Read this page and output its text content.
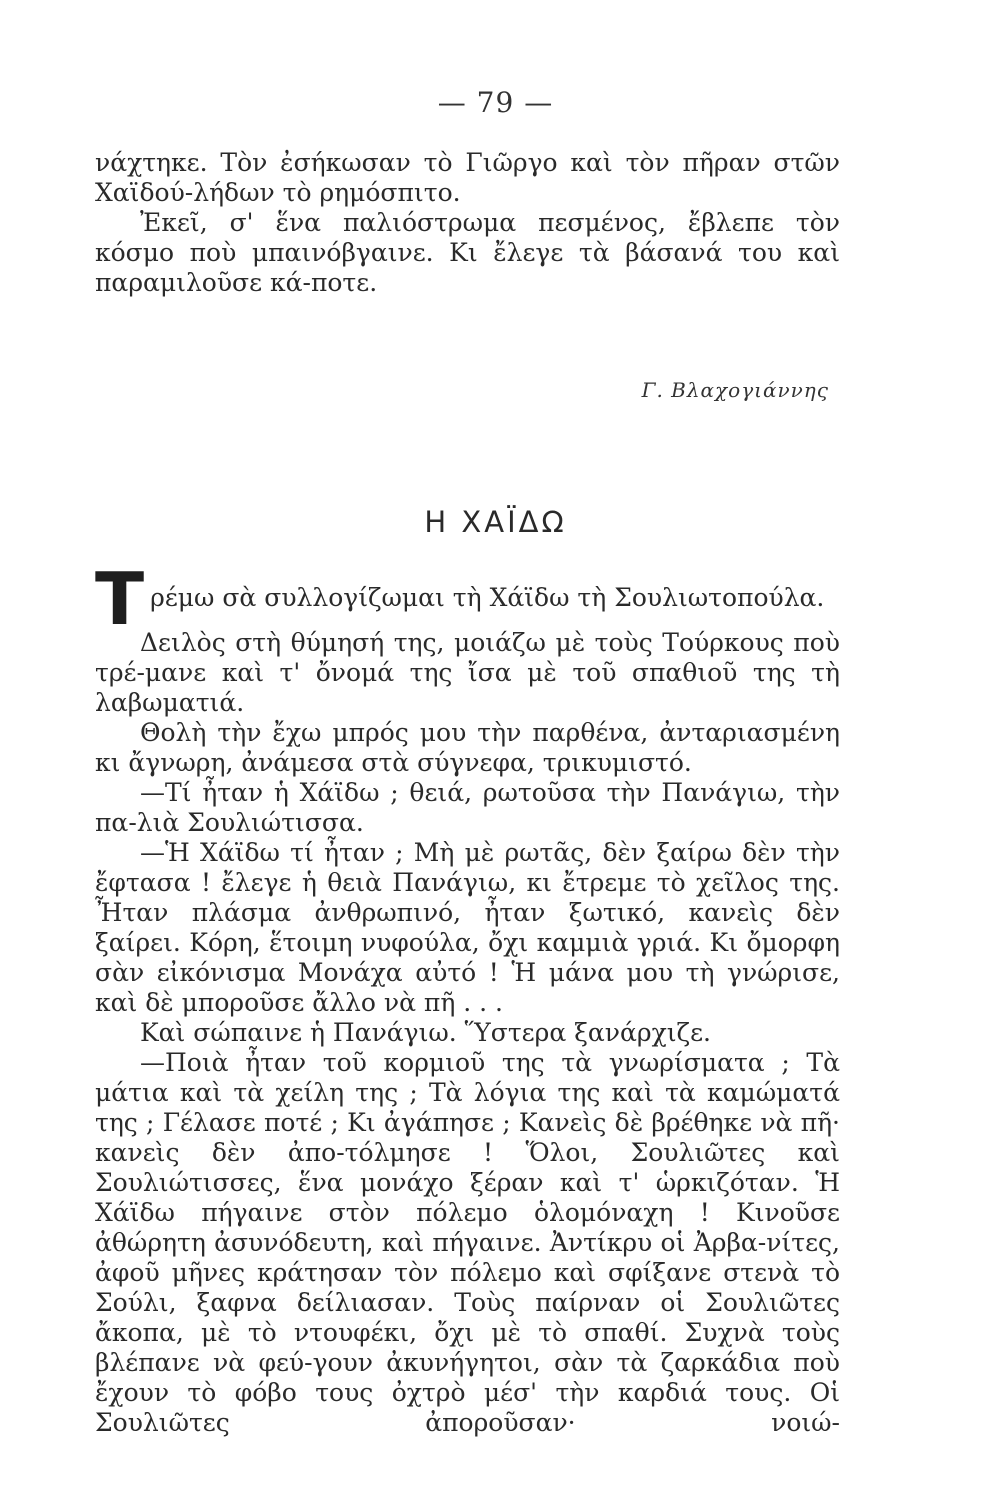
— 79 —

νάχτηκε. Τὸν ἐσήκωσαν τὸ Γιῶργο καὶ τὸν πῆραν στῶν Χαϊδού-λήδων τὸ ρημόσπιτο.

Ἐκεῖ, σ' ἕνα παλιόστρωμα πεσμένος, ἔβλεπε τὸν κόσμο ποὺ μπαινόβγαινε. Κι ἔλεγε τὰ βάσανά του καὶ παραμιλοῦσε κά-ποτε.

Γ. Βλαχογιάννης
Η ΧΑΪΔΩ

Τ ρέμω σὰ συλλογίζωμαι τὴ Χάϊδω τὴ Σουλιωτοπούλα.

Δειλὸς στὴ θύμησή της, μοιάζω μὲ τοὺς Τούρκους ποὺ τρέ-μανε καὶ τ' ὄνομά της ἴσα μὲ τοῦ σπαθιοῦ της τὴ λαβωματιά.

Θολὴ τὴν ἔχω μπρός μου τὴν παρθένα, ἀνταριασμένη κι ἄγνωρη, ἀνάμεσα στὰ σύγνεφα, τρικυμιστό.

—Τί ἦταν ἡ Χάϊδω ; θειά, ρωτοῦσα τὴν Πανάγιω, τὴν πα-λιὰ Σουλιώτισσα.

—Ἡ Χάϊδω τί ἦταν ; Μὴ μὲ ρωτᾶς, δὲν ξαίρω δὲν τὴν ἔφτασα ! ἔλεγε ἡ θειὰ Πανάγιω, κι ἔτρεμε τὸ χεῖλος της. Ἦταν πλάσμα ἀνθρωπινό, ἦταν ξωτικό, κανεὶς δὲν ξαίρει. Κόρη, ἕτοιμη νυφούλα, ὄχι καμμιὰ γριά. Κι ὄμορφη σὰν εἰκόνισμα Μονάχα αὐτό ! Ἡ μάνα μου τὴ γνώρισε, καὶ δὲ μποροῦσε ἄλλο νὰ πῆ . . .

Καὶ σώπαινε ἡ Πανάγιω. Ὕστερα ξανάρχιζε.

—Ποιὰ ἦταν τοῦ κορμιοῦ της τὰ γνωρίσματα ; Τὰ μάτια καὶ τὰ χείλη της ; Τὰ λόγια της καὶ τὰ καμώματά της ; Γέλασε ποτέ ; Κι ἀγάπησε ; Κανεὶς δὲ βρέθηκε νὰ πῆ· κανεὶς δὲν ἀπο-τόλμησε ! Ὅλοι, Σουλιῶτες καὶ Σουλιώτισσες, ἕνα μονάχο ξέραν καὶ τ' ὡρκιζόταν. Ἡ Χάϊδω πήγαινε στὸν πόλεμο ὁλομόναχη ! Κινοῦσε ἀθώρητη ἀσυνόδευτη, καὶ πήγαινε. Ἀντίκρυ οἱ Ἀρβα-νίτες, ἀφοῦ μῆνες κράτησαν τὸν πόλεμο καὶ σφίξανε στενὰ τὸ Σούλι, ξαφνα δείλιασαν. Τοὺς παίρναν οἱ Σουλιῶτες ἄκοπα, μὲ τὸ ντουφέκι, ὄχι μὲ τὸ σπαθί. Συχνὰ τοὺς βλέπανε νὰ φεύ-γουν ἀκυνήγητοι, σὰν τὰ ζαρκάδια ποὺ ἔχουν τὸ φόβο τους ὀχτρὸ μέσ' τὴν καρδιά τους. Οἱ Σουλιῶτες ἀποροῦσαν· νοιώ-
